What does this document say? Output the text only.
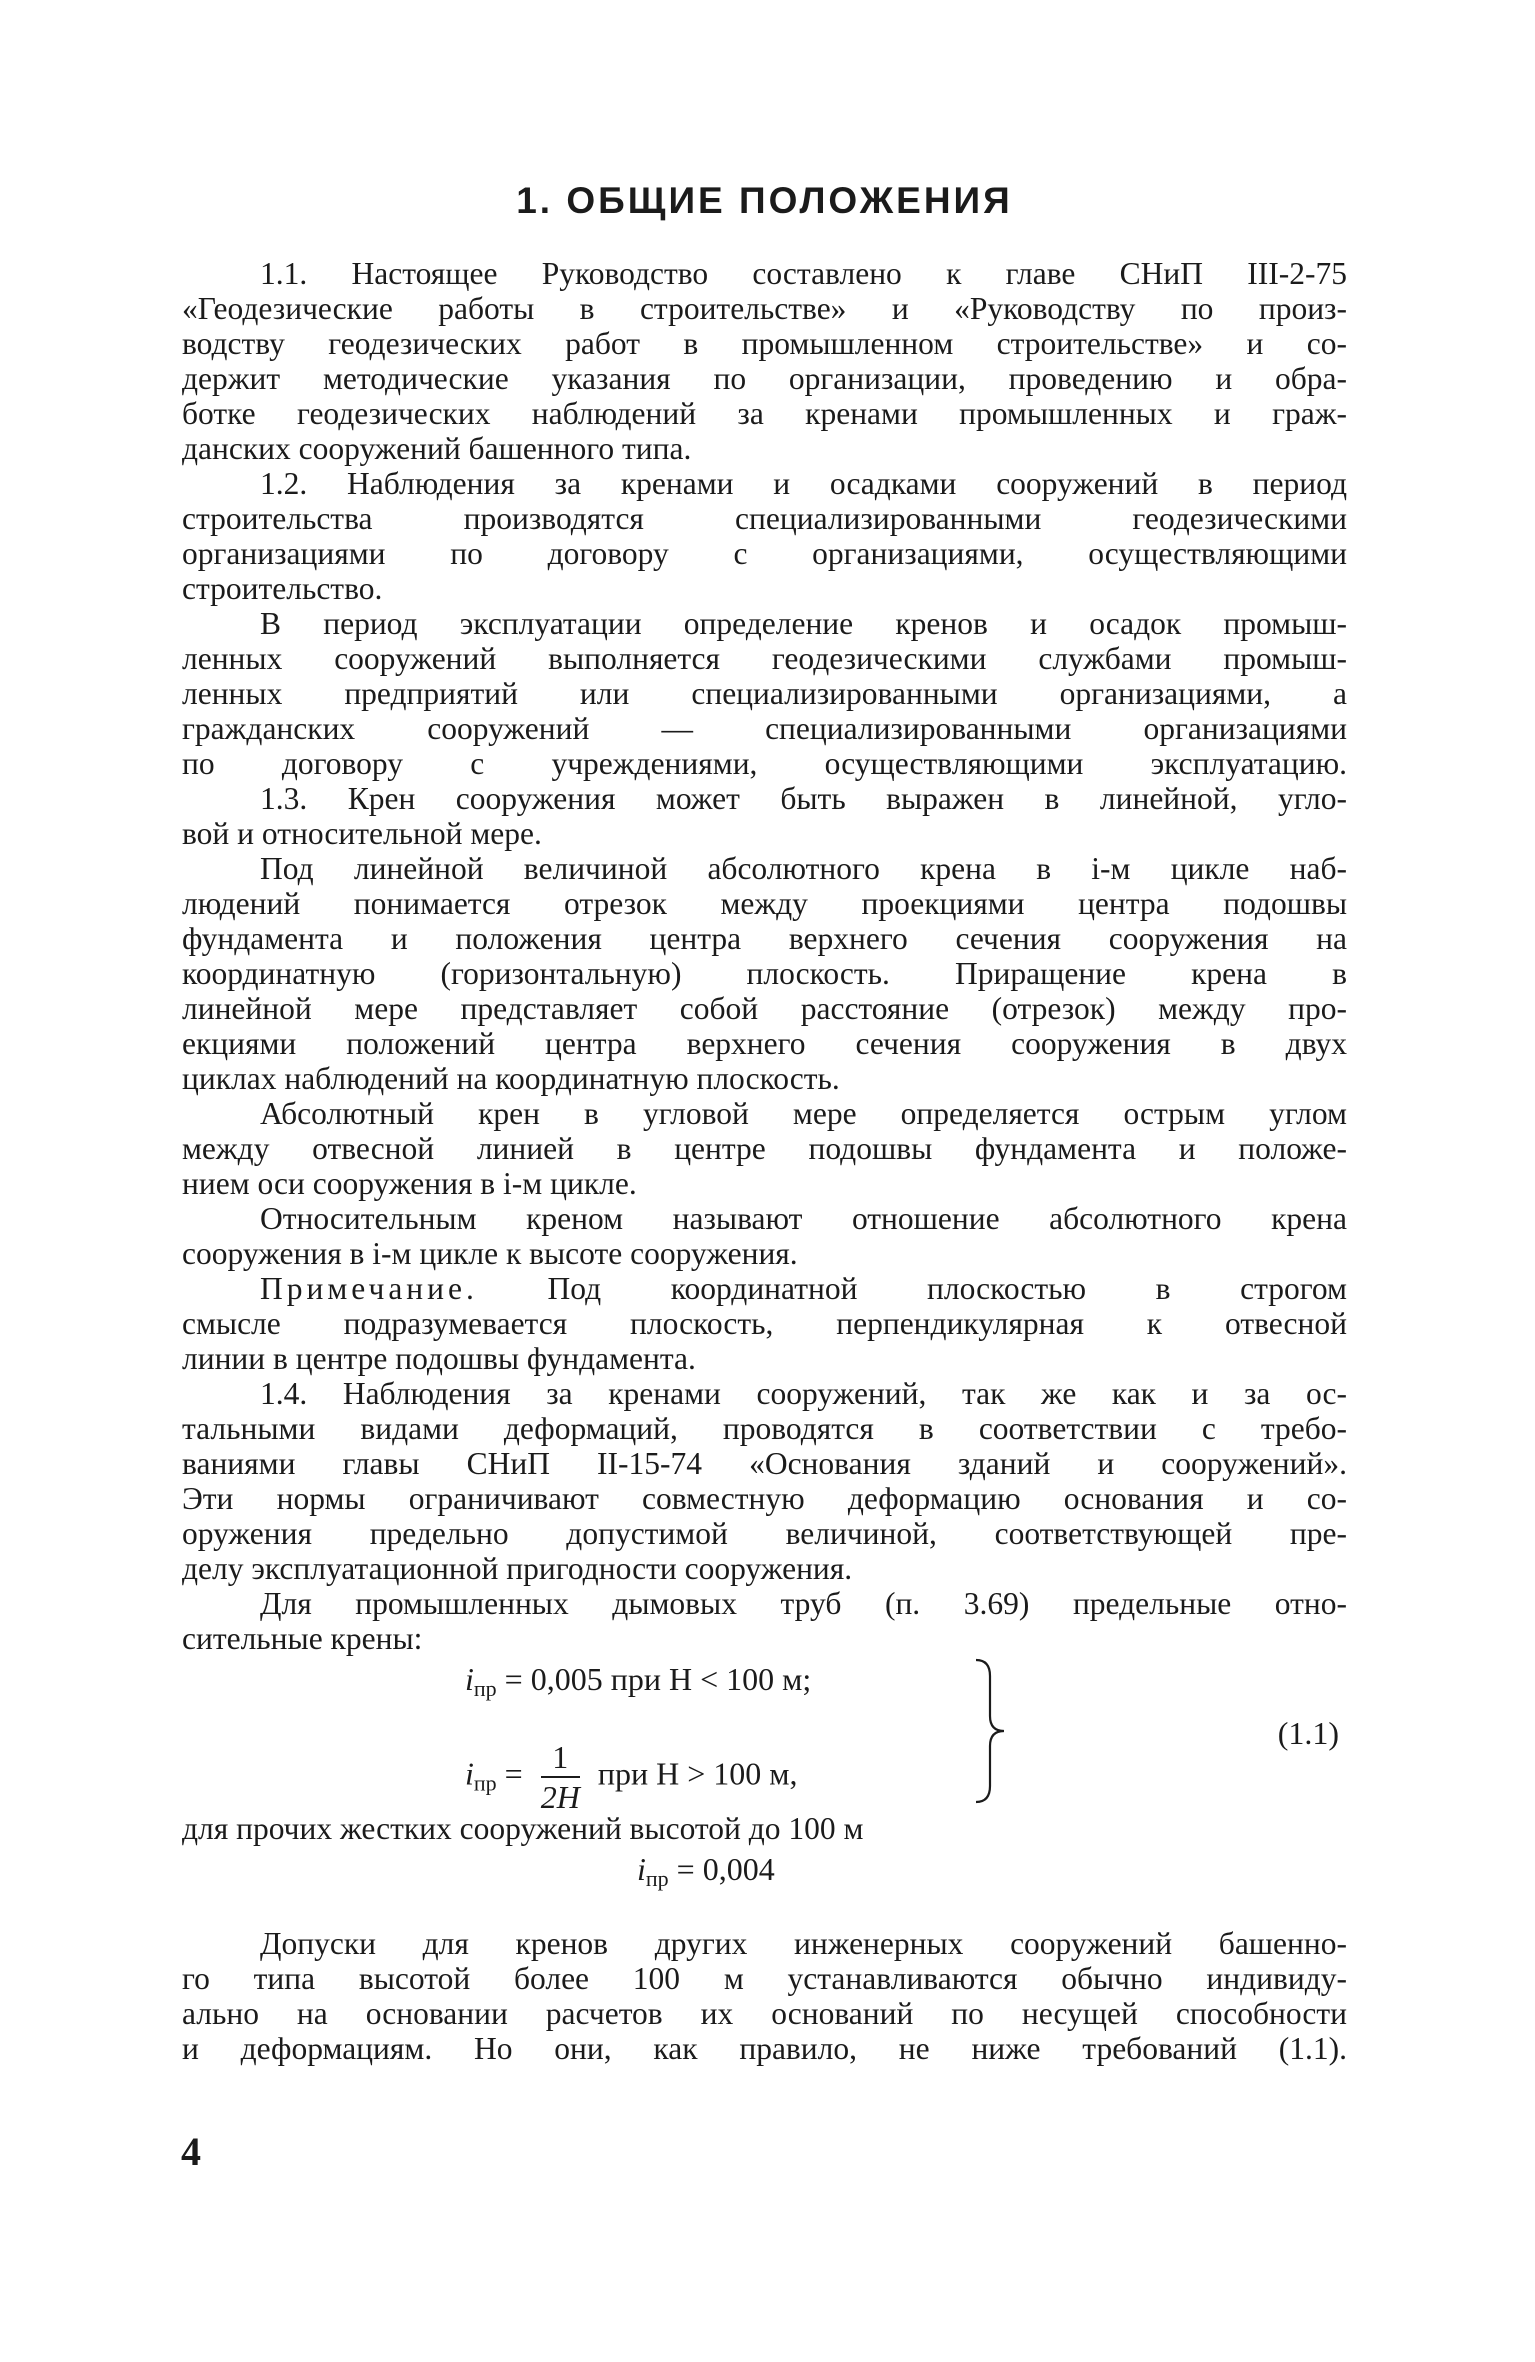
1. ОБЩИЕ ПОЛОЖЕНИЯ
1.1. Настоящее Руководство составлено к главе СНиП III-2-75
«Геодезические работы в строительстве» и «Руководству по произ-
водству геодезических работ в промышленном строительстве» и со-
держит методические указания по организации, проведению и обра-
ботке геодезических наблюдений за кренами промышленных и граж-
данских сооружений башенного типа.
1.2. Наблюдения за кренами и осадками сооружений в период
строительства производятся специализированными геодезическими
организациями по договору с организациями, осуществляющими
строительство.
В период эксплуатации определение кренов и осадок промыш-
ленных сооружений выполняется геодезическими службами промыш-
ленных предприятий или специализированными организациями, а
гражданских сооружений — специализированными организациями
по договору с учреждениями, осуществляющими эксплуатацию.
1.3. Крен сооружения может быть выражен в линейной, угло-
вой и относительной мере.
Под линейной величиной абсолютного крена в i-м цикле наб-
людений понимается отрезок между проекциями центра подошвы
фундамента и положения центра верхнего сечения сооружения на
координатную (горизонтальную) плоскость. Приращение крена в
линейной мере представляет собой расстояние (отрезок) между про-
екциями положений центра верхнего сечения сооружения в двух
циклах наблюдений на координатную плоскость.
Абсолютный крен в угловой мере определяется острым углом
между отвесной линией в центре подошвы фундамента и положе-
нием оси сооружения в i-м цикле.
Относительным креном называют отношение абсолютного крена
сооружения в i-м цикле к высоте сооружения.
Примечание. Под координатной плоскостью в строгом
смысле подразумевается плоскость, перпендикулярная к отвесной
линии в центре подошвы фундамента.
1.4. Наблюдения за кренами сооружений, так же как и за ос-
тальными видами деформаций, проводятся в соответствии с требо-
ваниями главы СНиП II-15-74 «Основания зданий и сооружений».
Эти нормы ограничивают совместную деформацию основания и со-
оружения предельно допустимой величиной, соответствующей пре-
делу эксплуатационной пригодности сооружения.
Для промышленных дымовых труб (п. 3.69) предельные отно-
сительные крены:
$i_{пр} = 0,005$ при H < 100 м;
$i_{пр} = \frac{1}{2H}$ при H > 100 м,
(1.1)
для прочих жестких сооружений высотой до 100 м
$i_{пр} = 0,004$
Допуски для кренов других инженерных сооружений башенно-
го типа высотой более 100 м устанавливаются обычно индивиду-
ально на основании расчетов их оснований по несущей способности
и деформациям. Но они, как правило, не ниже требований (1.1).
4
